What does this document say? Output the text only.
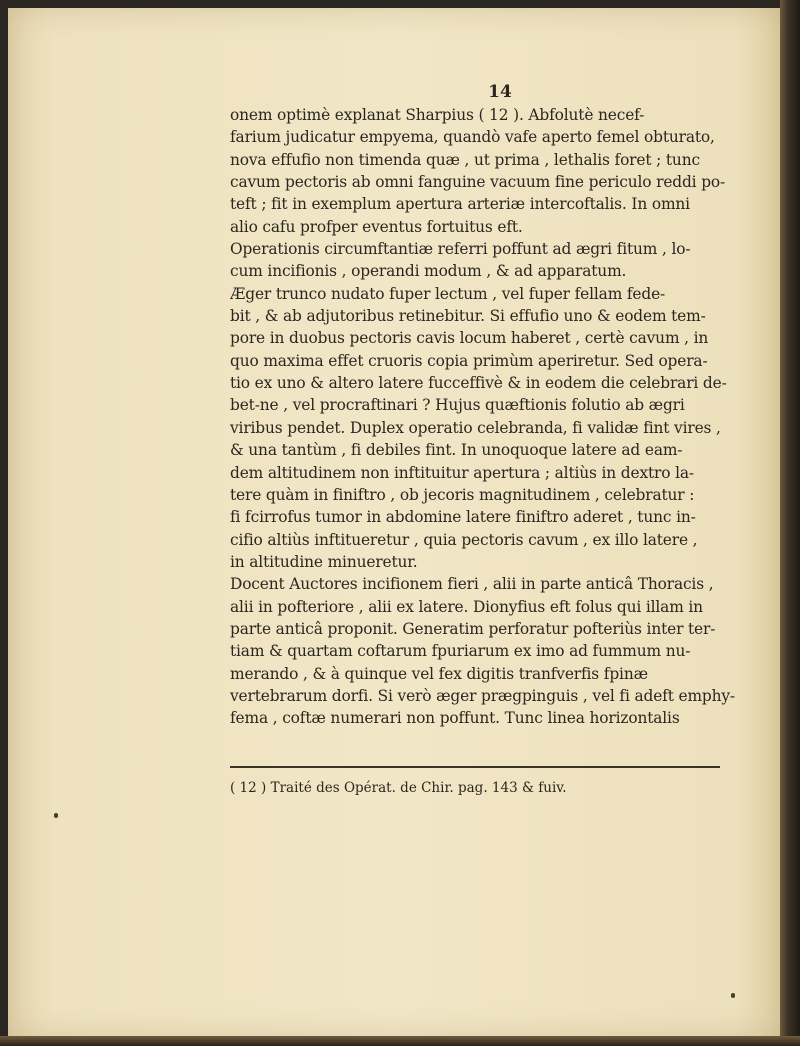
14
onem optimè explanat Sharpius ( 12 ). Abfolutè necef-
farium judicatur empyema, quandò vafe aperto femel obturato,
nova effufio non timenda quæ , ut prima , lethalis foret ; tunc
cavum pectoris ab omni fanguine vacuum fine periculo reddi po-
teft ; fit in exemplum apertura arteriæ intercoftalis. In omni
alio cafu profper eventus fortuitus eft.
Operationis circumftantiæ referri poffunt ad ægri fitum , lo-
cum incifionis , operandi modum , & ad apparatum.
Æger trunco nudato fuper lectum , vel fuper fellam fede-
bit , & ab adjutoribus retinebitur. Si effufio uno & eodem tem-
pore in duobus pectoris cavis locum haberet , certè cavum , in
quo maxima effet cruoris copia primùm aperiretur. Sed opera-
tio ex uno & altero latere fucceffivè & in eodem die celebrari de-
bet-ne , vel procraftinari ? Hujus quæftionis folutio ab ægri
viribus pendet. Duplex operatio celebranda, fi validæ fint vires ,
& una tantùm , fi debiles fint. In unoquoque latere ad eam-
dem altitudinem non inftituitur apertura ; altiùs in dextro la-
tere quàm in finiftro , ob jecoris magnitudinem , celebratur :
fi fcirrofus tumor in abdomine latere finiftro aderet , tunc in-
cifio altiùs inftitueretur , quia pectoris cavum , ex illo latere ,
in altitudine minueretur.
Docent Auctores incifionem fieri , alii in parte anticâ Thoracis ,
alii in pofteriore , alii ex latere. Dionyfius eft folus qui illam in
parte anticâ proponit. Generatim perforatur pofteriùs inter ter-
tiam & quartam coftarum fpuriarum ex imo ad fummum nu-
merando , & à quinque vel fex digitis tranfverfis fpinæ
vertebrarum dorfi. Si verò æger prægpinguis , vel fi adeft emphy-
fema , coftæ numerari non poffunt. Tunc linea horizontalis
( 12 ) Traité des Opérat. de Chir. pag. 143 & fuiv.
